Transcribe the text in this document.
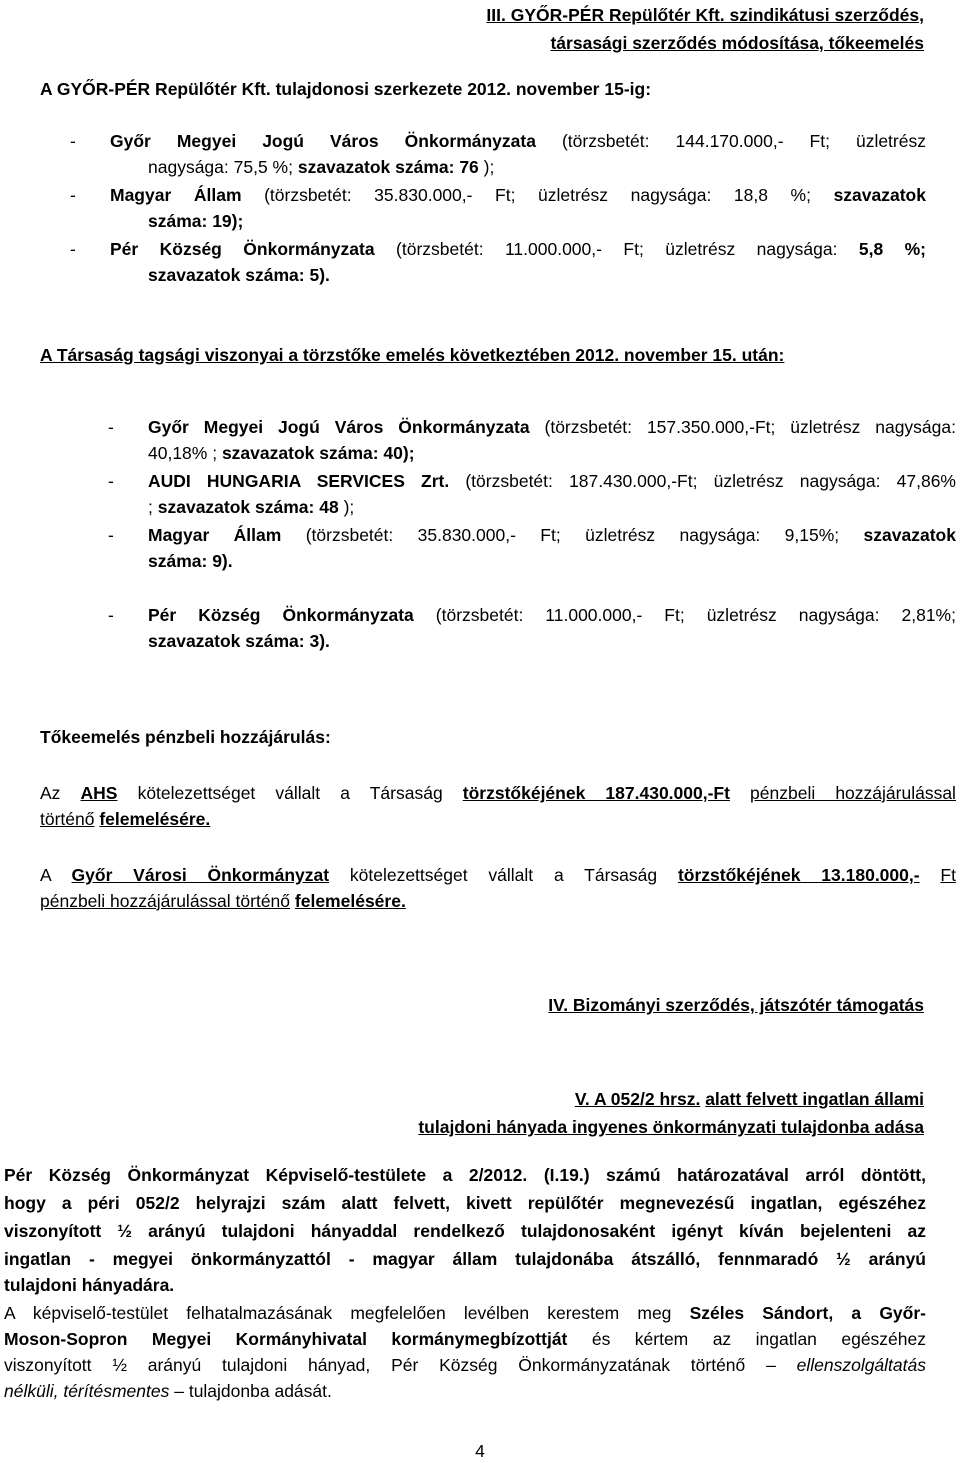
III. GYŐR-PÉR Repülőtér Kft. szindikátusi szerződés,
társasági szerződés módosítása, tőkeemelés
A GYŐR-PÉR Repülőtér Kft. tulajdonosi szerkezete 2012. november 15-ig:
- Győr Megyei Jogú Város Önkormányzata (törzsbetét: 144.170.000,- Ft; üzletrész
nagysága: 75,5 %; szavazatok száma: 76 );
- Magyar Állam (törzsbetét: 35.830.000,- Ft; üzletrész nagysága: 18,8 %; szavazatok
száma: 19);
- Pér Község Önkormányzata (törzsbetét: 11.000.000,- Ft; üzletrész nagysága: 5,8 %;
szavazatok száma: 5).
A Társaság tagsági viszonyai a törzstőke emelés következtében 2012. november 15. után:
- Győr Megyei Jogú Város Önkormányzata (törzsbetét: 157.350.000,-Ft; üzletrész nagysága:
40,18% ; szavazatok száma: 40);
- AUDI HUNGARIA SERVICES Zrt. (törzsbetét: 187.430.000,-Ft; üzletrész nagysága: 47,86%
; szavazatok száma: 48 );
- Magyar Állam (törzsbetét: 35.830.000,- Ft; üzletrész nagysága: 9,15%; szavazatok
száma: 9).
- Pér Község Önkormányzata (törzsbetét: 11.000.000,- Ft; üzletrész nagysága: 2,81%;
szavazatok száma: 3).
Tőkeemelés pénzbeli hozzájárulás:
Az AHS kötelezettséget vállalt a Társaság törzstőkéjének 187.430.000,-Ft pénzbeli hozzájárulással
történő felemelésére.
A Győr Városi Önkormányzat kötelezettséget vállalt a Társaság törzstőkéjének 13.180.000,- Ft
pénzbeli hozzájárulással történő felemelésére.
IV. Bizományi szerződés, játszótér támogatás
V. A 052/2 hrsz. alatt felvett ingatlan állami
tulajdoni hányada ingyenes önkormányzati tulajdonba adása
Pér Község Önkormányzat Képviselő-testülete a 2/2012. (I.19.) számú határozatával arról döntött,
hogy a péri 052/2 helyrajzi szám alatt felvett, kivett repülőtér megnevezésű ingatlan, egészéhez
viszonyított ½ arányú tulajdoni hányaddal rendelkező tulajdonosaként igényt kíván bejelenteni az
ingatlan - megyei önkormányzattól - magyar állam tulajdonába átszálló, fennmaradó ½ arányú
tulajdoni hányadára.
A képviselő-testület felhatalmazásának megfelelően levélben kerestem meg Széles Sándort, a Győr-
Moson-Sopron Megyei Kormányhivatal kormánymegbízottját és kértem az ingatlan egészéhez
viszonyított ½ arányú tulajdoni hányad, Pér Község Önkormányzatának történő – ellenszolgáltatás
nélküli, térítésmentes – tulajdonba adását.
4
